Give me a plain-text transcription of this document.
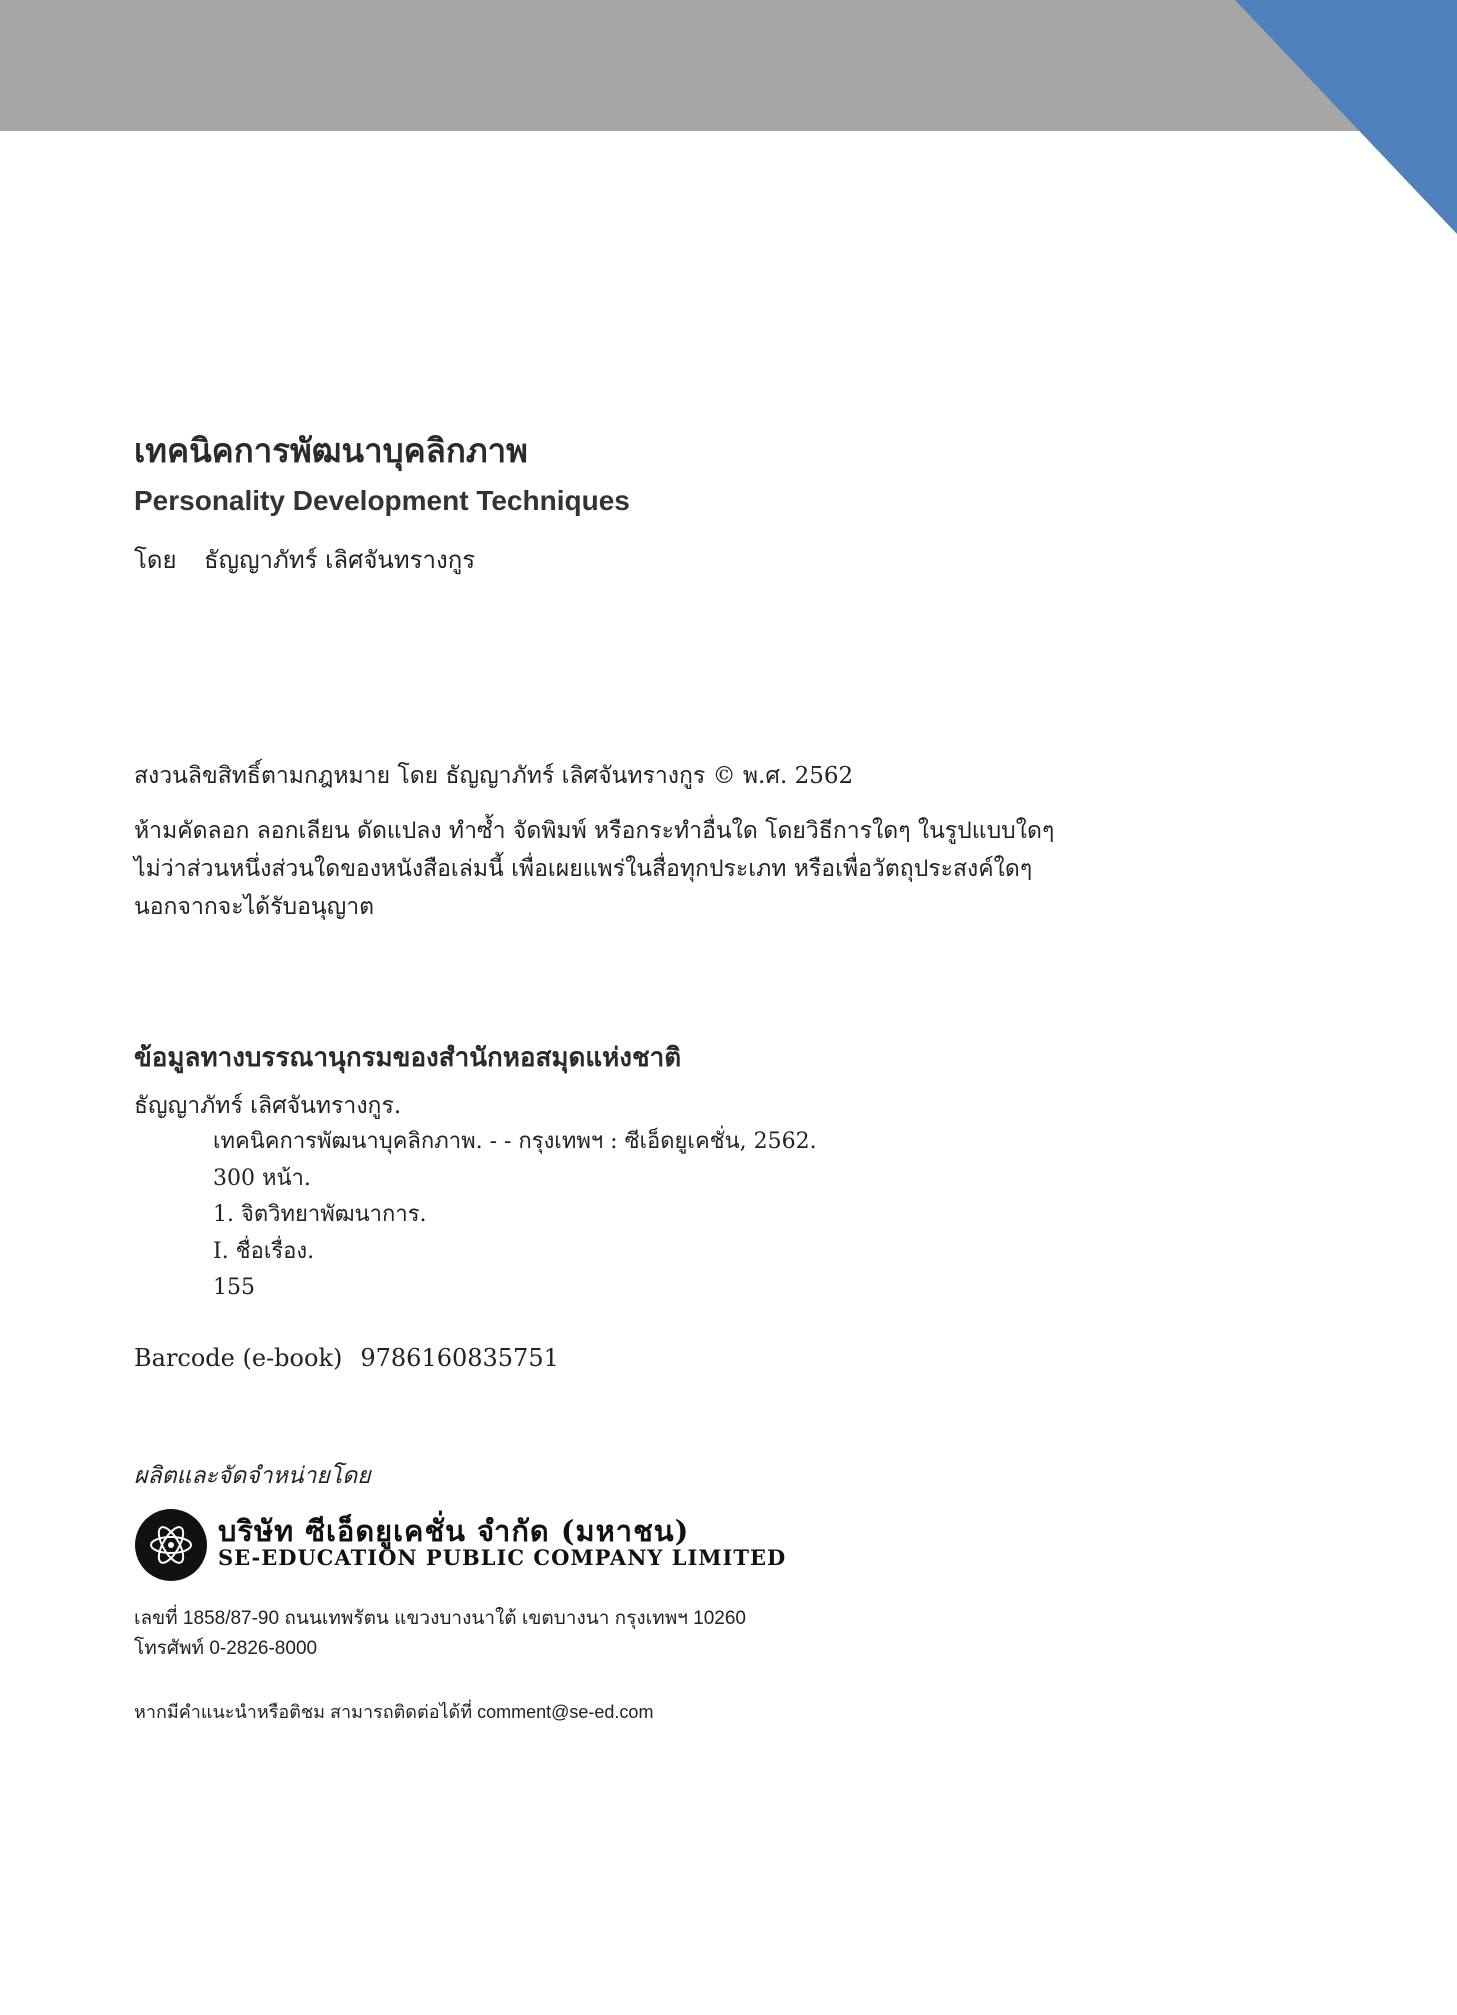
เทคนิคการพัฒนาบุคลิกภาพ
Personality Development Techniques
โดย ธัญญาภัทร์ เลิศจันทรางกูร
สงวนลิขสิทธิ์ตามกฎหมาย โดย ธัญญาภัทร์ เลิศจันทรางกูร © พ.ศ. 2562
ห้ามคัดลอก ลอกเลียน ดัดแปลง ทำซ้ำ จัดพิมพ์ หรือกระทำอื่นใด โดยวิธีการใดๆ ในรูปแบบใดๆ
ไม่ว่าส่วนหนึ่งส่วนใดของหนังสือเล่มนี้ เพื่อเผยแพร่ในสื่อทุกประเภท หรือเพื่อวัตถุประสงค์ใดๆ
นอกจากจะได้รับอนุญาต
ข้อมูลทางบรรณานุกรมของสำนักหอสมุดแห่งชาติ
ธัญญาภัทร์ เลิศจันทรางกูร.
เทคนิคการพัฒนาบุคลิกภาพ. - - กรุงเทพฯ : ซีเอ็ดยูเคชั่น, 2562.
300 หน้า.
1. จิตวิทยาพัฒนาการ.
I. ชื่อเรื่อง.
155
Barcode (e-book) 9786160835751
ผลิตและจัดจำหน่ายโดย
บริษัท ซีเอ็ดยูเคชั่น จำกัด (มหาชน)
SE-EDUCATION PUBLIC COMPANY LIMITED
เลขที่ 1858/87-90 ถนนเทพรัตน แขวงบางนาใต้ เขตบางนา กรุงเทพฯ 10260
โทรศัพท์ 0-2826-8000
หากมีคำแนะนำหรือติชม สามารถติดต่อได้ที่ comment@se-ed.com
